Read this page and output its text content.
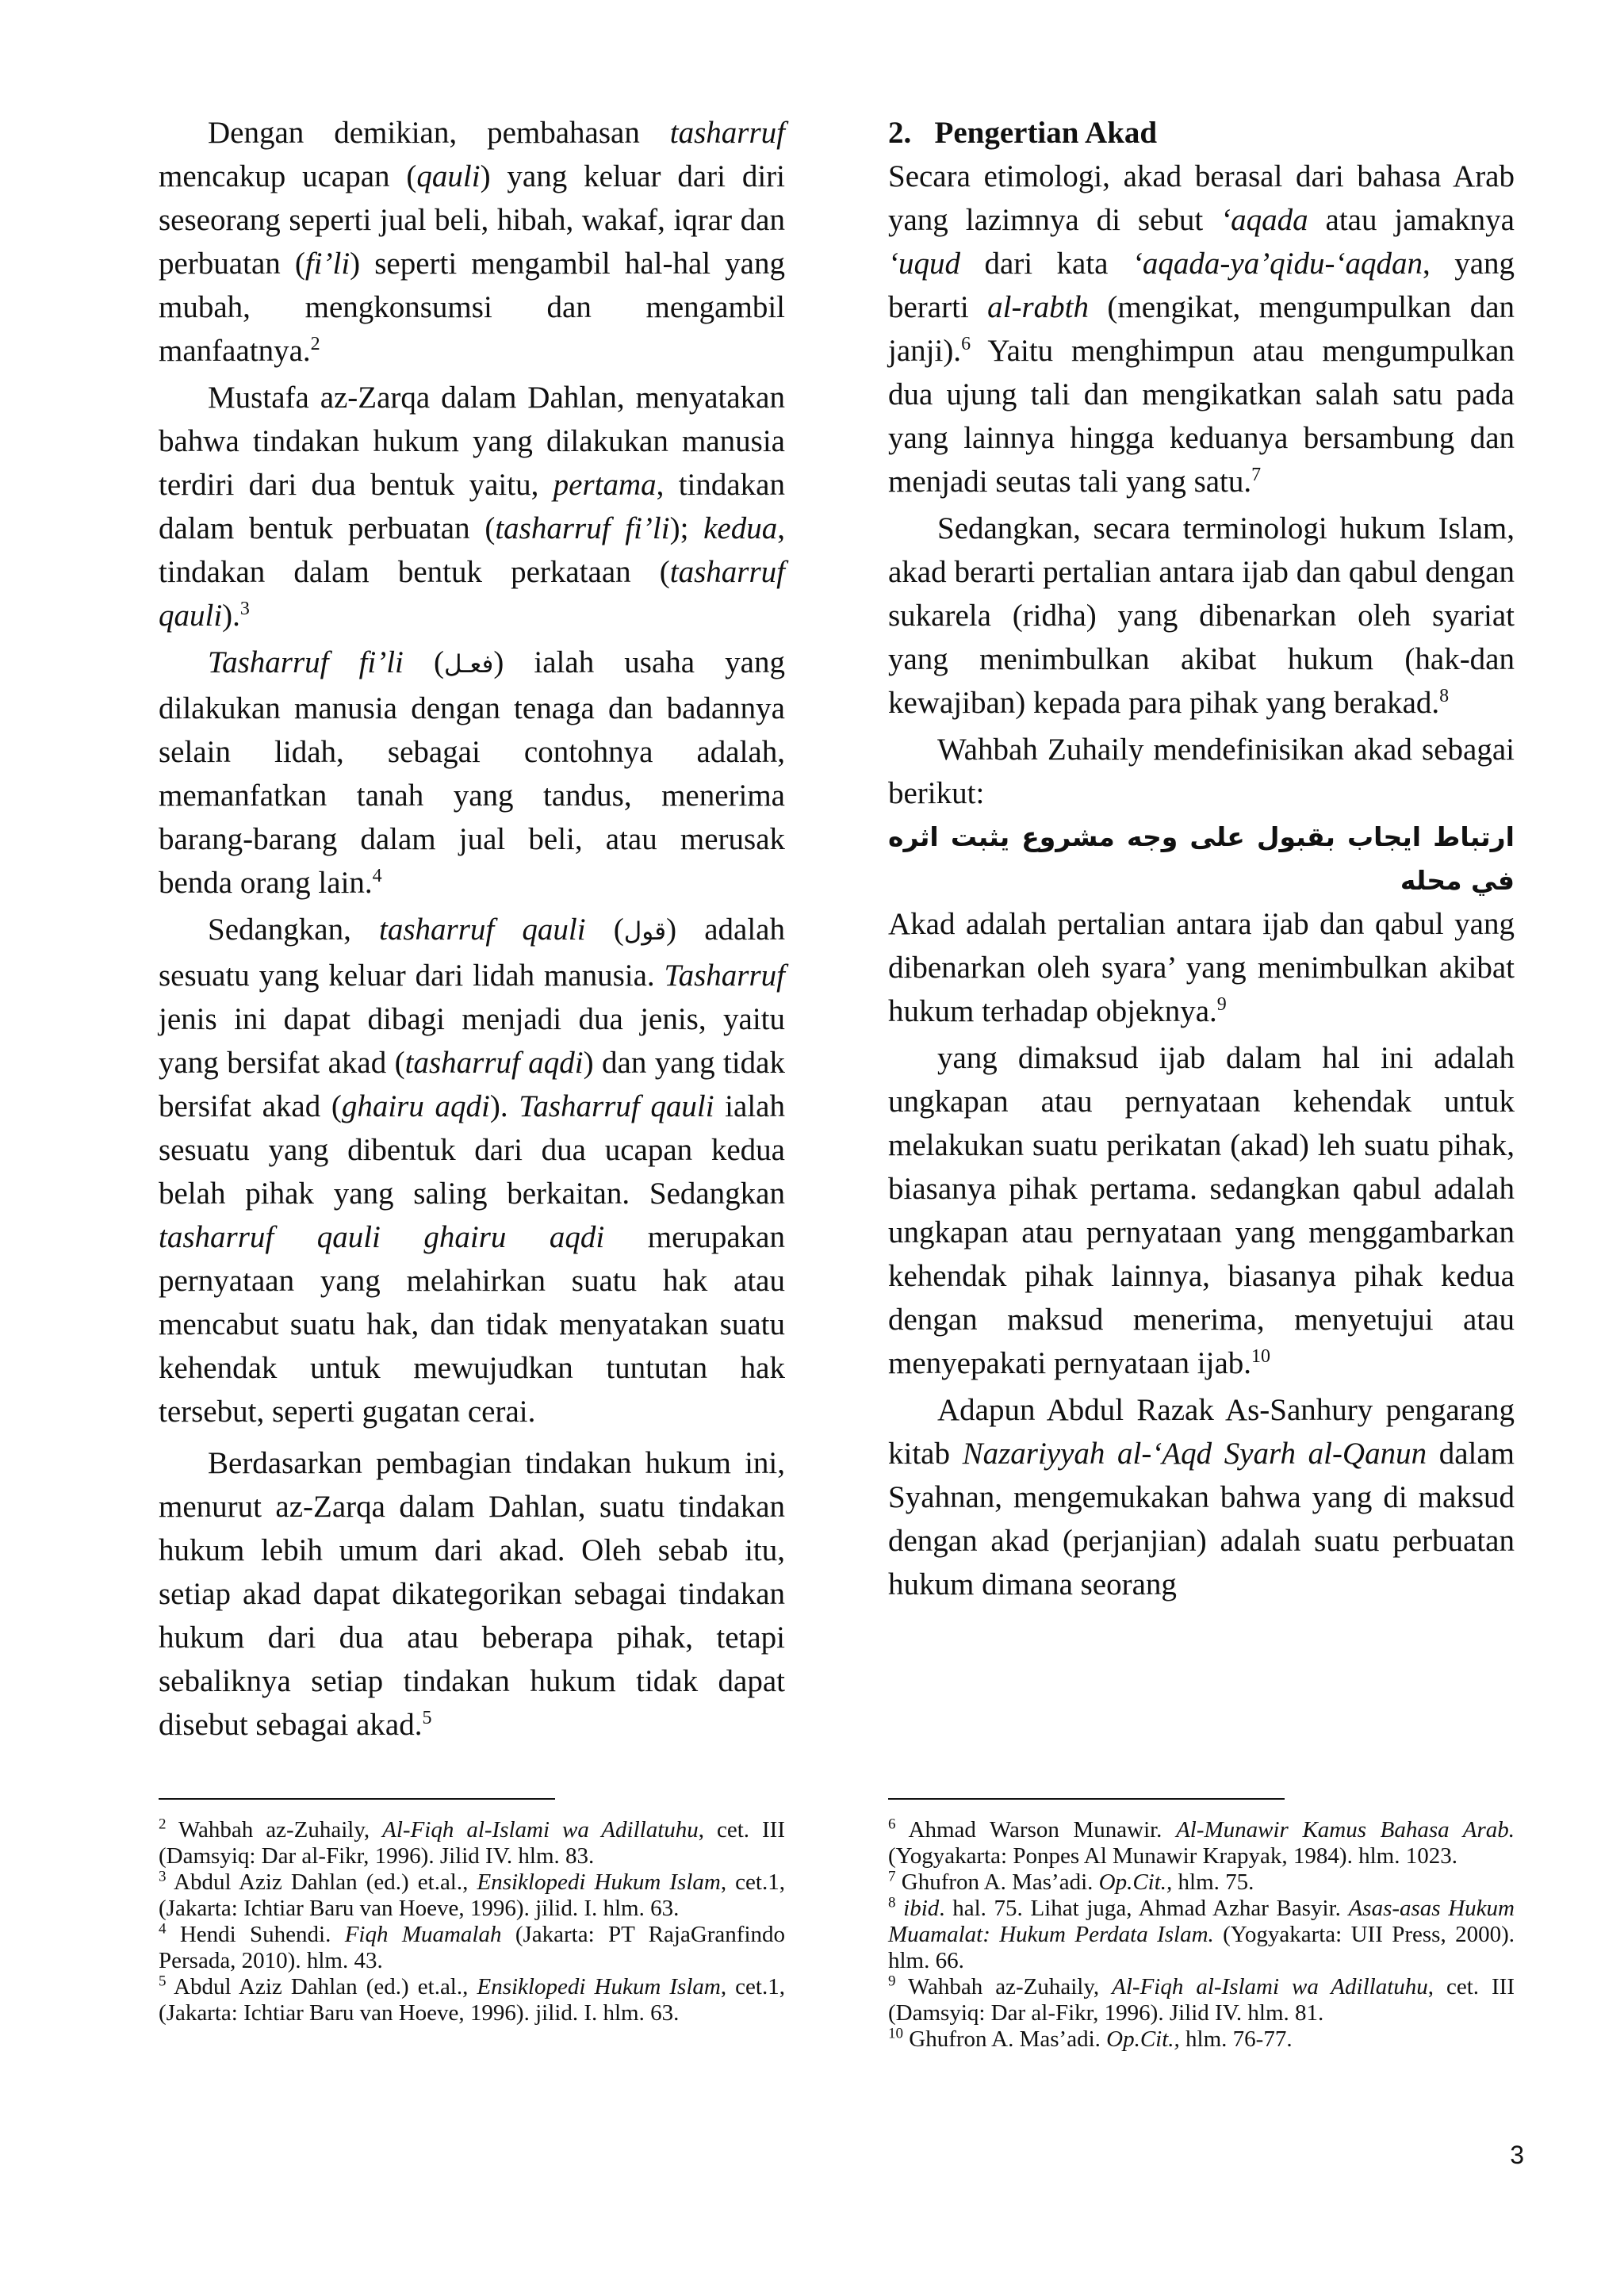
Dengan demikian, pembahasan tasharruf mencakup ucapan (qauli) yang keluar dari diri seseorang seperti jual beli, hibah, wakaf, iqrar dan perbuatan (fi’li) seperti mengambil hal-hal yang mubah, mengkonsumsi dan mengambil manfaatnya.$^2$

Mustafa az-Zarqa dalam Dahlan, menyatakan bahwa tindakan hukum yang dilakukan manusia terdiri dari dua bentuk yaitu, pertama, tindakan dalam bentuk perbuatan (tasharruf fi’li); kedua, tindakan dalam bentuk perkataan (tasharruf qauli).$^3$

Tasharruf fi’li (فعـل) ialah usaha yang dilakukan manusia dengan tenaga dan badannya selain lidah, sebagai contohnya adalah, memanfatkan tanah yang tandus, menerima barang-barang dalam jual beli, atau merusak benda orang lain.$^4$

Sedangkan, tasharruf qauli (قول) adalah sesuatu yang keluar dari lidah manusia. Tasharruf jenis ini dapat dibagi menjadi dua jenis, yaitu yang bersifat akad (tasharruf aqdi) dan yang tidak bersifat akad (ghairu aqdi). Tasharruf qauli ialah sesuatu yang dibentuk dari dua ucapan kedua belah pihak yang saling berkaitan. Sedangkan tasharruf qauli ghairu aqdi merupakan pernyataan yang melahirkan suatu hak atau mencabut suatu hak, dan tidak menyatakan suatu kehendak untuk mewujudkan tuntutan hak tersebut, seperti gugatan cerai.

Berdasarkan pembagian tindakan hukum ini, menurut az-Zarqa dalam Dahlan, suatu tindakan hukum lebih umum dari akad. Oleh sebab itu, setiap akad dapat dikategorikan sebagai tindakan hukum dari dua atau beberapa pihak, tetapi sebaliknya setiap tindakan hukum tidak dapat disebut sebagai akad.$^5$

2.   Pengertian Akad

Secara etimologi, akad berasal dari bahasa Arab yang lazimnya di sebut ‘aqada atau jamaknya ‘uqud dari kata ‘aqada-ya’qidu-‘aqdan, yang berarti al-rabth (mengikat, mengumpulkan dan janji).$^6$ Yaitu menghimpun atau mengumpulkan dua ujung tali dan mengikatkan salah satu pada yang lainnya hingga keduanya bersambung dan menjadi seutas tali yang satu.$^7$

Sedangkan, secara terminologi hukum Islam, akad berarti pertalian antara ijab dan qabul dengan sukarela (ridha) yang dibenarkan oleh syariat yang menimbulkan akibat hukum (hak-dan kewajiban) kepada para pihak yang berakad.$^8$

Wahbah Zuhaily mendefinisikan akad sebagai berikut:

ارتباط ايجاب بقبول على وجه مشروع يثبت اثره في محله

Akad adalah pertalian antara ijab dan qabul yang dibenarkan oleh syara’ yang menimbulkan akibat hukum terhadap objeknya.$^9$

yang dimaksud ijab dalam hal ini adalah ungkapan atau pernyataan kehendak untuk melakukan suatu perikatan (akad) leh suatu pihak, biasanya pihak pertama. sedangkan qabul adalah ungkapan atau pernyataan yang menggambarkan kehendak pihak lainnya, biasanya pihak kedua dengan maksud menerima, menyetujui atau menyepakati pernyataan ijab.$^{10}$

Adapun Abdul Razak As-Sanhury pengarang kitab Nazariyyah al-‘Aqd Syarh al-Qanun dalam Syahnan, mengemukakan bahwa yang di maksud dengan akad (perjanjian) adalah suatu perbuatan hukum dimana seorang

$^2$ Wahbah az-Zuhaily, Al-Fiqh al-Islami wa Adillatuhu, cet. III (Damsyiq: Dar al-Fikr, 1996). Jilid IV. hlm. 83.

$^3$ Abdul Aziz Dahlan (ed.) et.al., Ensiklopedi Hukum Islam, cet.1, (Jakarta: Ichtiar Baru van Hoeve, 1996). jilid. I. hlm. 63.

$^4$ Hendi Suhendi. Fiqh Muamalah (Jakarta: PT RajaGranfindo Persada, 2010). hlm. 43.

$^5$ Abdul Aziz Dahlan (ed.) et.al., Ensiklopedi Hukum Islam, cet.1, (Jakarta: Ichtiar Baru van Hoeve, 1996). jilid. I. hlm. 63.

$^6$ Ahmad Warson Munawir. Al-Munawir Kamus Bahasa Arab. (Yogyakarta: Ponpes Al Munawir Krapyak, 1984). hlm. 1023.

$^7$ Ghufron A. Mas’adi. Op.Cit., hlm. 75.

$^8$ ibid. hal. 75. Lihat juga, Ahmad Azhar Basyir. Asas-asas Hukum Muamalat: Hukum Perdata Islam. (Yogyakarta: UII Press, 2000). hlm. 66.

$^9$ Wahbah az-Zuhaily, Al-Fiqh al-Islami wa Adillatuhu, cet. III (Damsyiq: Dar al-Fikr, 1996). Jilid IV. hlm. 81.

$^{10}$ Ghufron A. Mas’adi. Op.Cit., hlm. 76-77.

3
